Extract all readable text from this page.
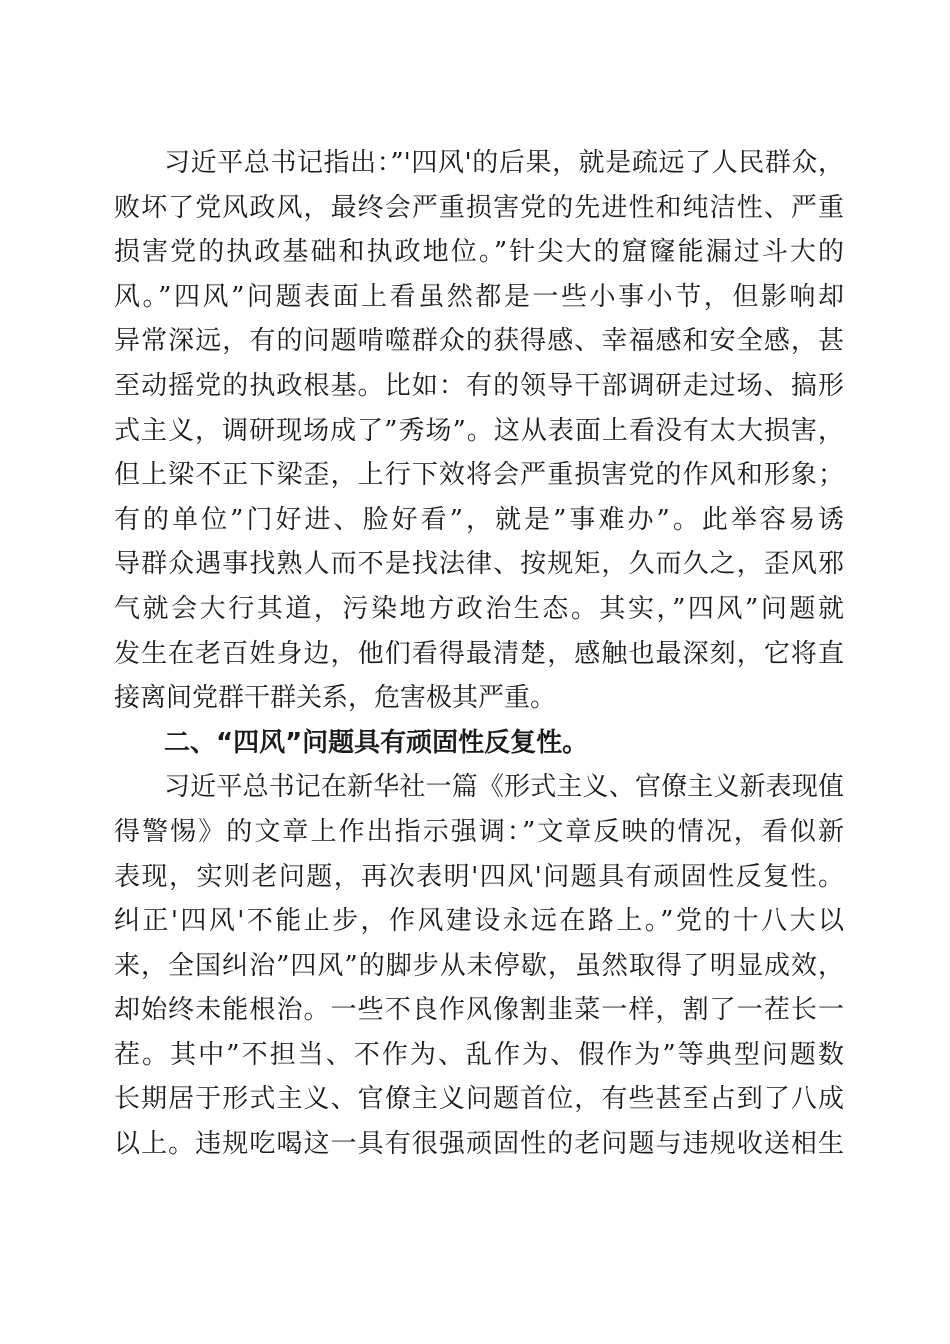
习近平总书记指出：”'四风'的后果，就是疏远了人民群众，
败坏了党风政风，最终会严重损害党的先进性和纯洁性、严重
损害党的执政基础和执政地位。”针尖大的窟窿能漏过斗大的
风。”四风”问题表面上看虽然都是一些小事小节，但影响却
异常深远，有的问题啃噬群众的获得感、幸福感和安全感，甚
至动摇党的执政根基。比如：有的领导干部调研走过场、搞形
式主义，调研现场成了”秀场”。这从表面上看没有太大损害，
但上梁不正下梁歪，上行下效将会严重损害党的作风和形象；
有的单位”门好进、脸好看”，就是”事难办”。此举容易诱
导群众遇事找熟人而不是找法律、按规矩，久而久之，歪风邪
气就会大行其道，污染地方政治生态。其实，”四风”问题就
发生在老百姓身边，他们看得最清楚，感触也最深刻，它将直
接离间党群干群关系，危害极其严重。
二、“四风”问题具有顽固性反复性。
习近平总书记在新华社一篇《形式主义、官僚主义新表现值
得警惕》的文章上作出指示强调：”文章反映的情况，看似新
表现，实则老问题，再次表明'四风'问题具有顽固性反复性。
纠正'四风'不能止步，作风建设永远在路上。”党的十八大以
来，全国纠治”四风”的脚步从未停歇，虽然取得了明显成效，
却始终未能根治。一些不良作风像割韭菜一样，割了一茬长一
茬。其中”不担当、不作为、乱作为、假作为”等典型问题数
长期居于形式主义、官僚主义问题首位，有些甚至占到了八成
以上。违规吃喝这一具有很强顽固性的老问题与违规收送相生
